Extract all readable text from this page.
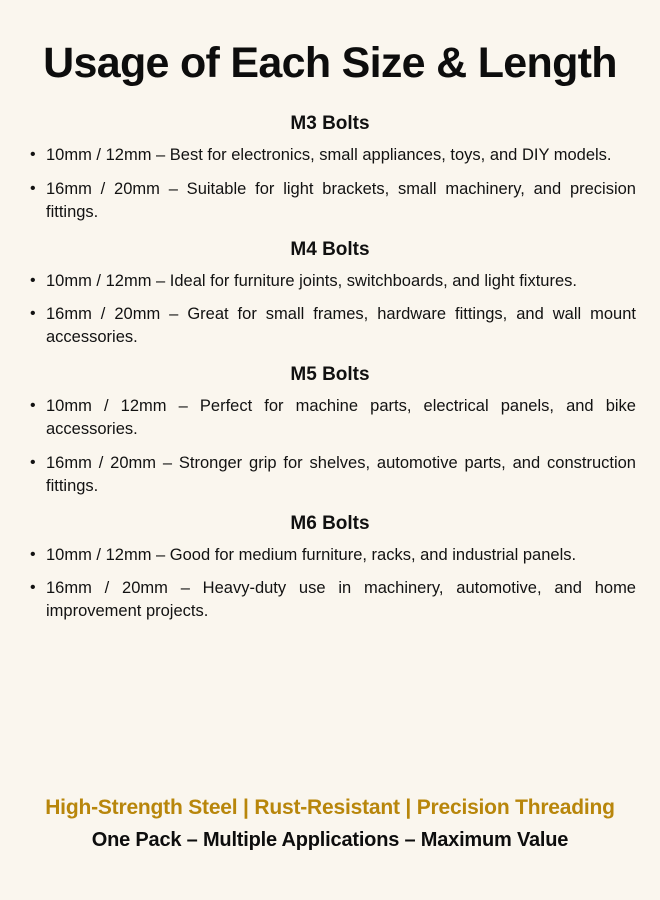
Usage of Each Size & Length
M3 Bolts
• 10mm / 12mm – Best for electronics, small appliances, toys, and DIY models.
• 16mm / 20mm – Suitable for light brackets, small machinery, and precision fittings.
M4 Bolts
• 10mm / 12mm – Ideal for furniture joints, switchboards, and light fixtures.
• 16mm / 20mm – Great for small frames, hardware fittings, and wall mount accessories.
M5 Bolts
• 10mm / 12mm – Perfect for machine parts, electrical panels, and bike accessories.
• 16mm / 20mm – Stronger grip for shelves, automotive parts, and construction fittings.
M6 Bolts
• 10mm / 12mm – Good for medium furniture, racks, and industrial panels.
• 16mm / 20mm – Heavy-duty use in machinery, automotive, and home improvement projects.
High-Strength Steel | Rust-Resistant | Precision Threading
One Pack – Multiple Applications – Maximum Value
